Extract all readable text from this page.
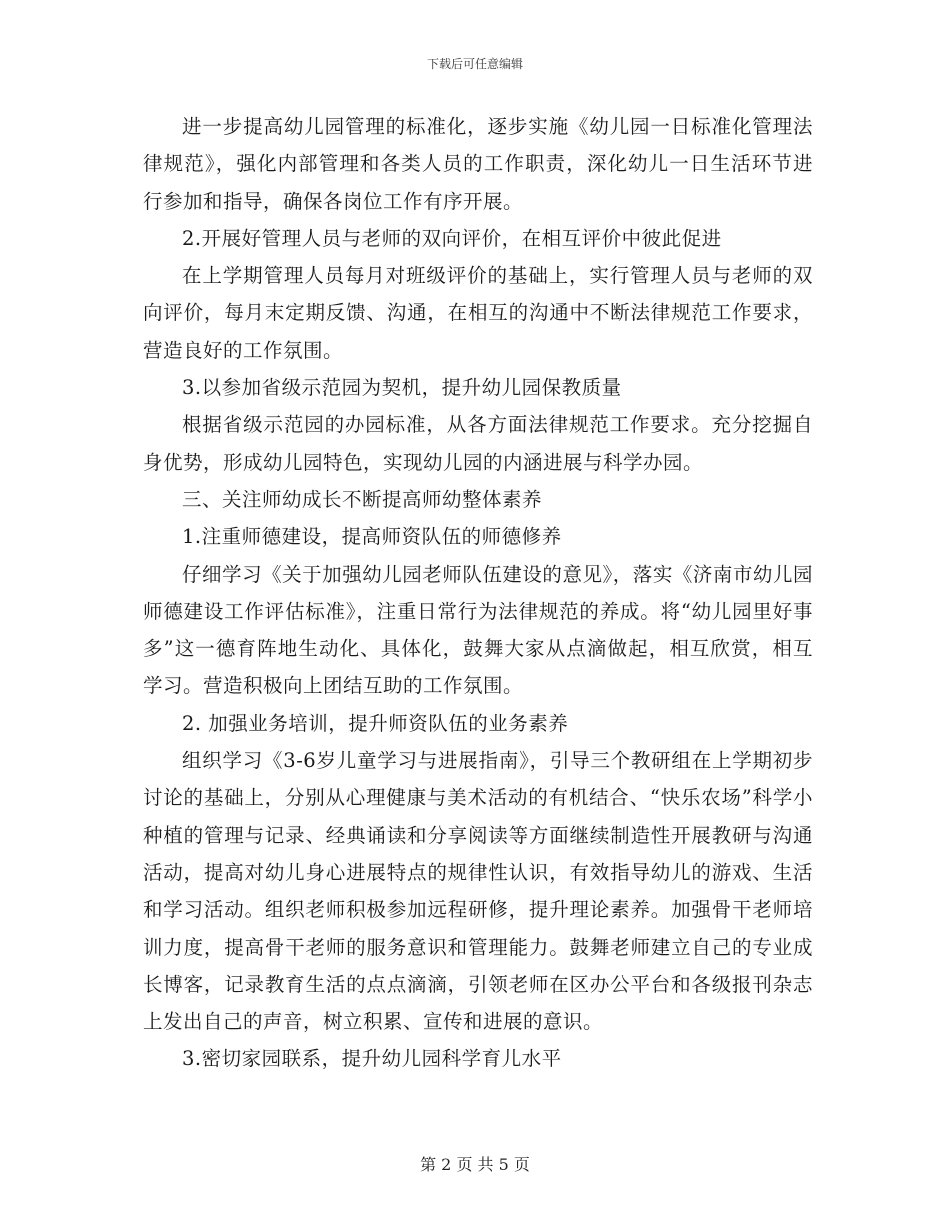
下载后可任意编辑

进一步提高幼儿园管理的标准化，逐步实施《幼儿园一日标准化管理法律规范》，强化内部管理和各类人员的工作职责，深化幼儿一日生活环节进行参加和指导，确保各岗位工作有序开展。

2.开展好管理人员与老师的双向评价，在相互评价中彼此促进

在上学期管理人员每月对班级评价的基础上，实行管理人员与老师的双向评价，每月末定期反馈、沟通，在相互的沟通中不断法律规范工作要求，营造良好的工作氛围。

3.以参加省级示范园为契机，提升幼儿园保教质量

根据省级示范园的办园标准，从各方面法律规范工作要求。充分挖掘自身优势，形成幼儿园特色，实现幼儿园的内涵进展与科学办园。

三、关注师幼成长不断提高师幼整体素养

1.注重师德建设，提高师资队伍的师德修养

仔细学习《关于加强幼儿园老师队伍建设的意见》，落实《济南市幼儿园师德建设工作评估标准》，注重日常行为法律规范的养成。将“幼儿园里好事多”这一德育阵地生动化、具体化，鼓舞大家从点滴做起，相互欣赏，相互学习。营造积极向上团结互助的工作氛围。

2. 加强业务培训，提升师资队伍的业务素养

组织学习《3-6岁儿童学习与进展指南》，引导三个教研组在上学期初步讨论的基础上，分别从心理健康与美术活动的有机结合、“快乐农场”科学小种植的管理与记录、经典诵读和分享阅读等方面继续制造性开展教研与沟通活动，提高对幼儿身心进展特点的规律性认识，有效指导幼儿的游戏、生活和学习活动。组织老师积极参加远程研修，提升理论素养。加强骨干老师培训力度，提高骨干老师的服务意识和管理能力。鼓舞老师建立自己的专业成长博客，记录教育生活的点点滴滴，引领老师在区办公平台和各级报刊杂志上发出自己的声音，树立积累、宣传和进展的意识。

3.密切家园联系，提升幼儿园科学育儿水平

第 2 页 共 5 页
